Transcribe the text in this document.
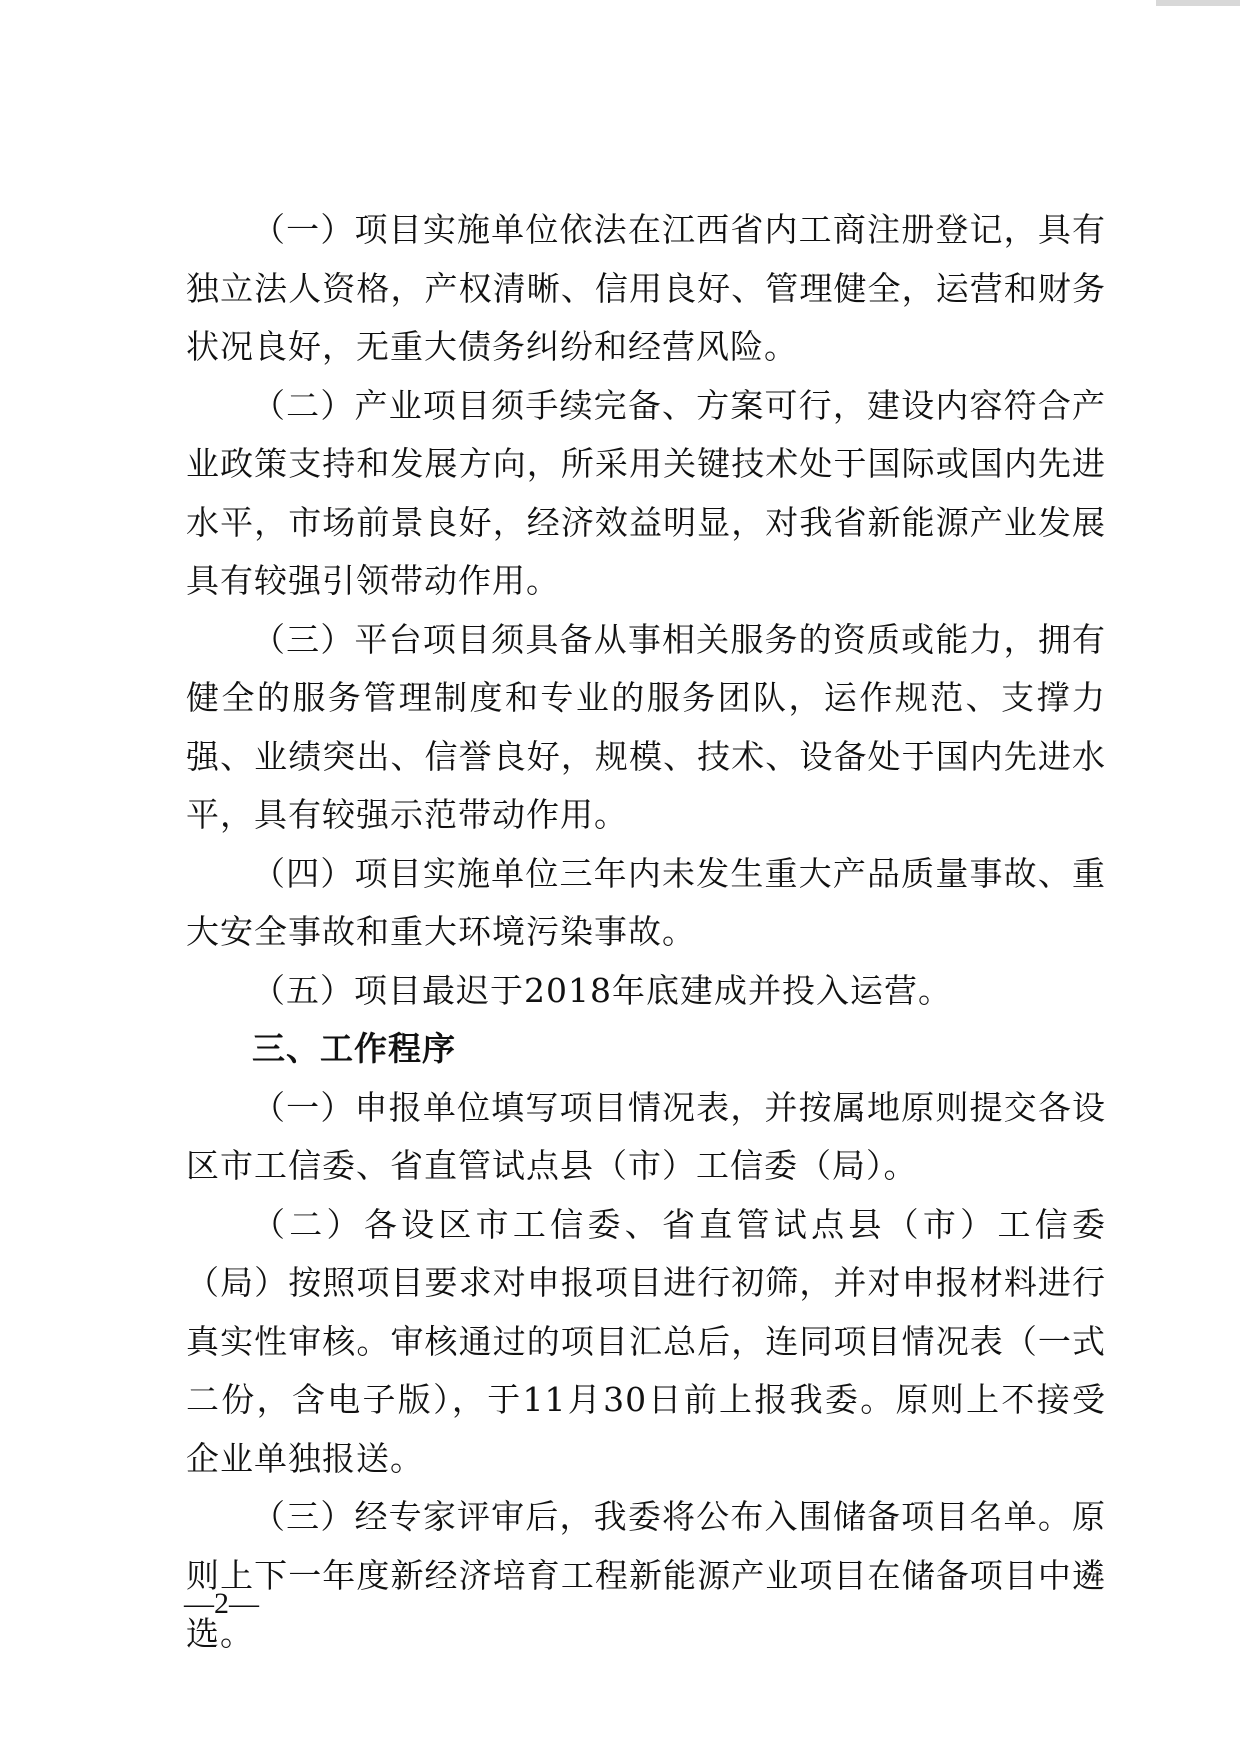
（一）项目实施单位依法在江西省内工商注册登记，具有独立法人资格，产权清晰、信用良好、管理健全，运营和财务状况良好，无重大债务纠纷和经营风险。

（二）产业项目须手续完备、方案可行，建设内容符合产业政策支持和发展方向，所采用关键技术处于国际或国内先进水平，市场前景良好，经济效益明显，对我省新能源产业发展具有较强引领带动作用。

（三）平台项目须具备从事相关服务的资质或能力，拥有健全的服务管理制度和专业的服务团队，运作规范、支撑力强、业绩突出、信誉良好，规模、技术、设备处于国内先进水平，具有较强示范带动作用。

（四）项目实施单位三年内未发生重大产品质量事故、重大安全事故和重大环境污染事故。

（五）项目最迟于2018年底建成并投入运营。

三、工作程序

（一）申报单位填写项目情况表，并按属地原则提交各设区市工信委、省直管试点县（市）工信委（局）。

（二）各设区市工信委、省直管试点县（市）工信委（局）按照项目要求对申报项目进行初筛，并对申报材料进行真实性审核。审核通过的项目汇总后，连同项目情况表（一式二份，含电子版），于11月30日前上报我委。原则上不接受企业单独报送。

（三）经专家评审后，我委将公布入围储备项目名单。原则上下一年度新经济培育工程新能源产业项目在储备项目中遴选。

—2—
